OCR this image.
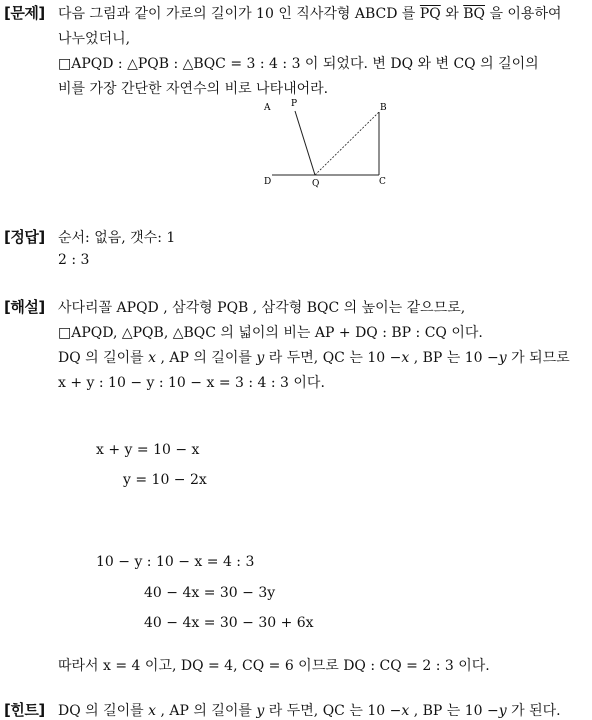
[문제] 다음 그림과 같이 가로의 길이가 10 인 직사각형 ABCD 를 $\overline{PQ}$ 와 $\overline{BQ}$ 을 이용하여
나누었더니,
□APQD : △PQB : △BQC = 3 : 4 : 3 이 되었다. 변 DQ 와 변 CQ 의 길이의
비를 가장 간단한 자연수의 비로 나타내어라.
A P	B
D	Q	C
[정답] 순서: 없음, 갯수: 1
2 : 3
[해설] 사다리꼴 APQD , 삼각형 PQB , 삼각형 BQC 의 높이는 같으므로,
□APQD, △PQB, △BQC 의 넓이의 비는 AP + DQ : BP : CQ 이다.
DQ 의 길이를 x , AP 의 길이를 y 라 두면, QC 는 10 −x , BP 는 10 −y 가 되므로
x + y : 10 − y : 10 − x = 3 : 4 : 3 이다.
x + y = 10 − x
y = 10 − 2x
10 − y : 10 − x = 4 : 3
40 − 4x = 30 − 3y
40 − 4x = 30 − 30 + 6x
따라서 x = 4 이고, DQ = 4, CQ = 6 이므로 DQ : CQ = 2 : 3 이다.
[힌트] DQ 의 길이를 x , AP 의 길이를 y 라 두면, QC 는 10 −x , BP 는 10 −y 가 된다.
